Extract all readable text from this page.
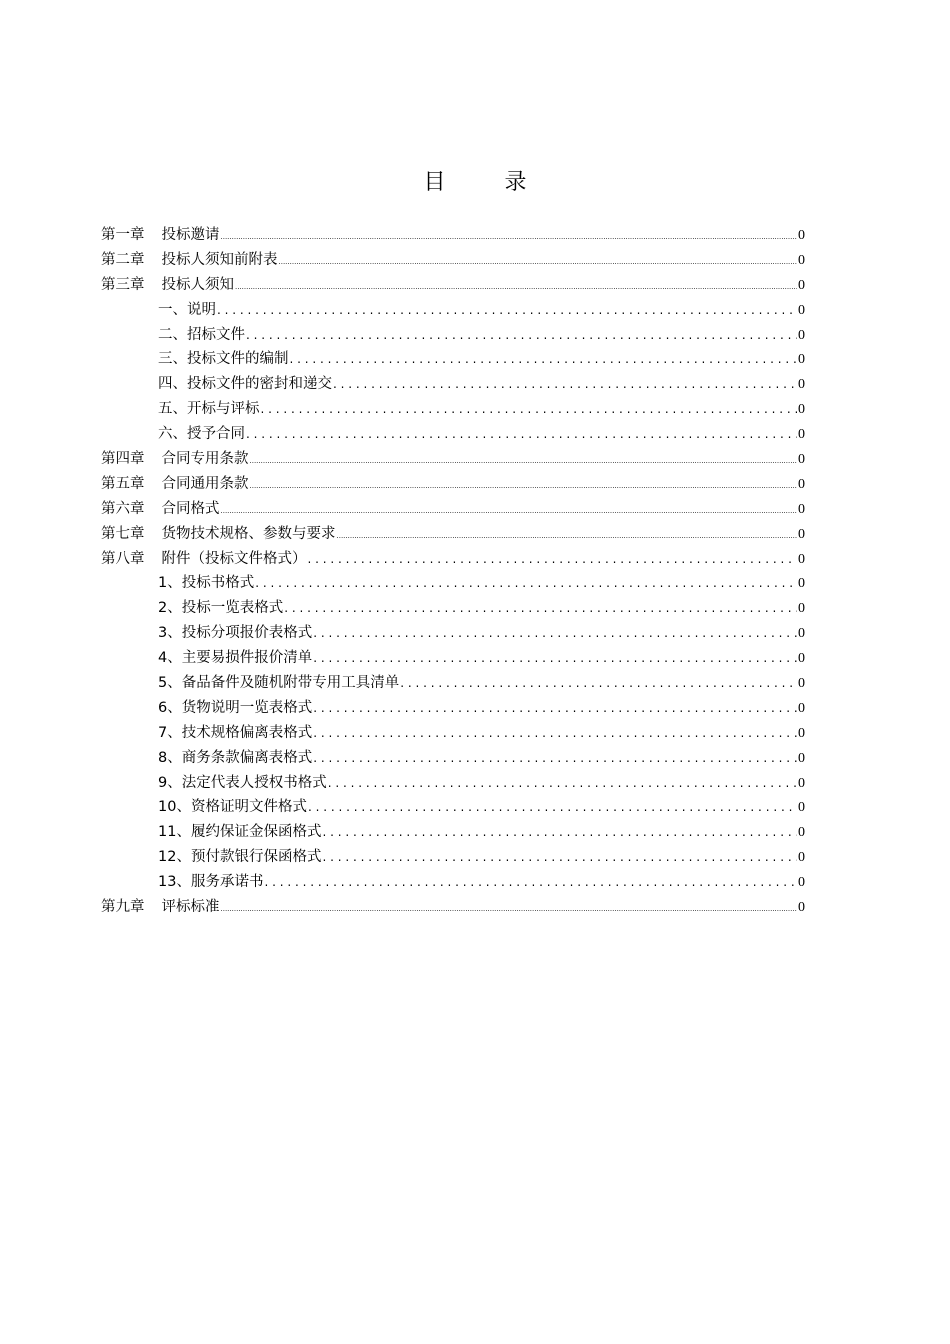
目 录
第一章 投标邀请 .....	0
第二章 投标人须知前附表 .....	0
第三章 投标人须知 .....	0
一、说明 . . .	0
二、招标文件 . . .	0
三、投标文件的编制 . . .	0
四、投标文件的密封和递交 . . .	0
五、开标与评标 . . .	0
六、授予合同 . . .	0
第四章 合同专用条款 .....	0
第五章 合同通用条款 .....	0
第六章 合同格式 .....	0
第七章 货物技术规格、参数与要求 .....	0
第八章 附件（投标文件格式） . . .	0
1、投标书格式 . . .	0
2、投标一览表格式 . . .	0
3、投标分项报价表格式 . . .	0
4、主要易损件报价清单 . . .	0
5、备品备件及随机附带专用工具清单 . . .	0
6、货物说明一览表格式 . . .	0
7、技术规格偏离表格式 . . .	0
8、商务条款偏离表格式 . . .	0
9、法定代表人授权书格式 . . .	0
10、资格证明文件格式 . . .	0
11、履约保证金保函格式 . . .	0
12、预付款银行保函格式 . . .	0
13、服务承诺书 . . .	0
第九章 评标标准 .....	0
